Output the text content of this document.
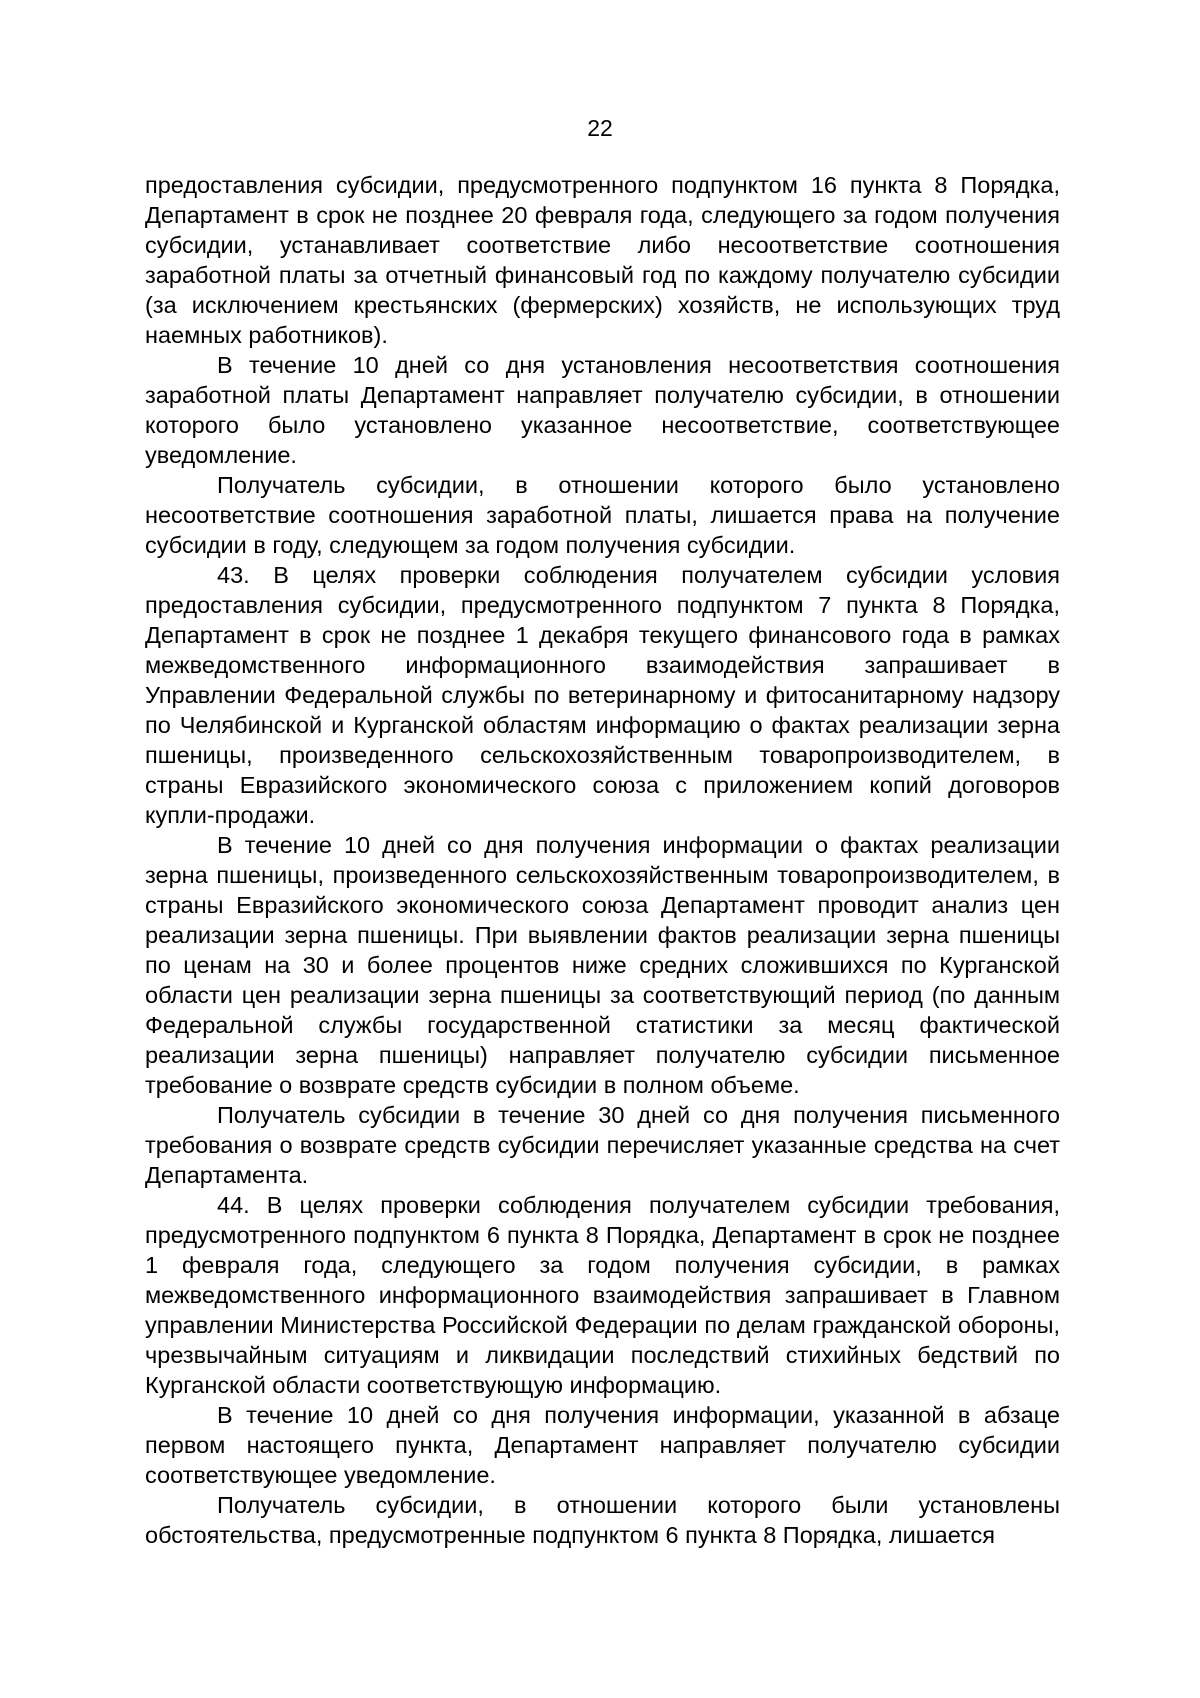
22

предоставления субсидии, предусмотренного подпунктом 16 пункта 8 Порядка, Департамент в срок не позднее 20 февраля года, следующего за годом получения субсидии, устанавливает соответствие либо несоответствие соотношения заработной платы за отчетный финансовый год по каждому получателю субсидии (за исключением крестьянских (фермерских) хозяйств, не использующих труд наемных работников).

В течение 10 дней со дня установления несоответствия соотношения заработной платы Департамент направляет получателю субсидии, в отношении которого было установлено указанное несоответствие, соответствующее уведомление.

Получатель субсидии, в отношении которого было установлено несоответствие соотношения заработной платы, лишается права на получение субсидии в году, следующем за годом получения субсидии.

43. В целях проверки соблюдения получателем субсидии условия предоставления субсидии, предусмотренного подпунктом 7 пункта 8 Порядка, Департамент в срок не позднее 1 декабря текущего финансового года в рамках межведомственного информационного взаимодействия запрашивает в Управлении Федеральной службы по ветеринарному и фитосанитарному надзору по Челябинской и Курганской областям информацию о фактах реализации зерна пшеницы, произведенного сельскохозяйственным товаропроизводителем, в страны Евразийского экономического союза с приложением копий договоров купли-продажи.

В течение 10 дней со дня получения информации о фактах реализации зерна пшеницы, произведенного сельскохозяйственным товаропроизводителем, в страны Евразийского экономического союза Департамент проводит анализ цен реализации зерна пшеницы. При выявлении фактов реализации зерна пшеницы по ценам на 30 и более процентов ниже средних сложившихся по Курганской области цен реализации зерна пшеницы за соответствующий период (по данным Федеральной службы государственной статистики за месяц фактической реализации зерна пшеницы) направляет получателю субсидии письменное требование о возврате средств субсидии в полном объеме.

Получатель субсидии в течение 30 дней со дня получения письменного требования о возврате средств субсидии перечисляет указанные средства на счет Департамента.

44. В целях проверки соблюдения получателем субсидии требования, предусмотренного подпунктом 6 пункта 8 Порядка, Департамент в срок не позднее 1 февраля года, следующего за годом получения субсидии, в рамках межведомственного информационного взаимодействия запрашивает в Главном управлении Министерства Российской Федерации по делам гражданской обороны, чрезвычайным ситуациям и ликвидации последствий стихийных бедствий по Курганской области соответствующую информацию.

В течение 10 дней со дня получения информации, указанной в абзаце первом настоящего пункта, Департамент направляет получателю субсидии соответствующее уведомление.

Получатель субсидии, в отношении которого были установлены обстоятельства, предусмотренные подпунктом 6 пункта 8 Порядка, лишается
